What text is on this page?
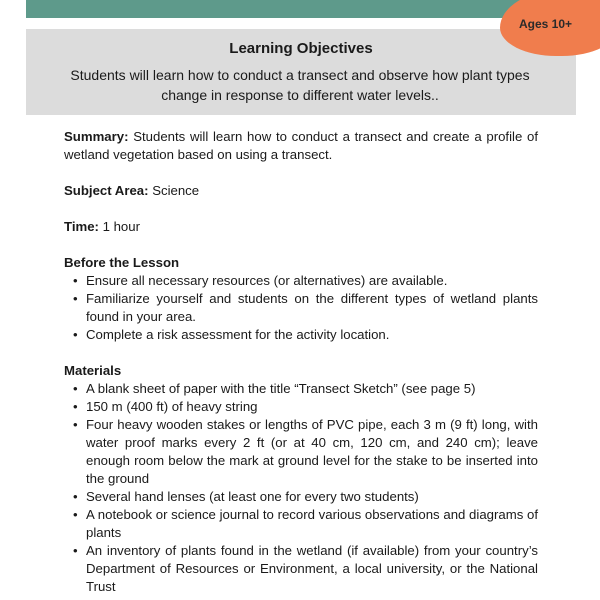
Ages 10+
Learning Objectives
Students will learn how to conduct a transect and observe how plant types change in response to different water levels..

Summary: Students will learn how to conduct a transect and create a profile of wetland vegetation based on using a transect.

Subject Area: Science

Time: 1 hour

Before the Lesson

• Ensure all necessary resources (or alternatives) are available.
• Familiarize yourself and students on the different types of wetland plants found in your area.
• Complete a risk assessment for the activity location.

Materials

• A blank sheet of paper with the title “Transect Sketch” (see page 5)
• 150 m (400 ft) of heavy string
• Four heavy wooden stakes or lengths of PVC pipe, each 3 m (9 ft) long, with water proof marks every 2 ft (or at 40 cm, 120 cm, and 240 cm); leave enough room below the mark at ground level for the stake to be inserted into the ground
• Several hand lenses (at least one for every two students)
• A notebook or science journal to record various observations and diagrams of plants
• An inventory of plants found in the wetland (if available) from your country’s Department of Resources or Environment, a local university, or the National Trust
